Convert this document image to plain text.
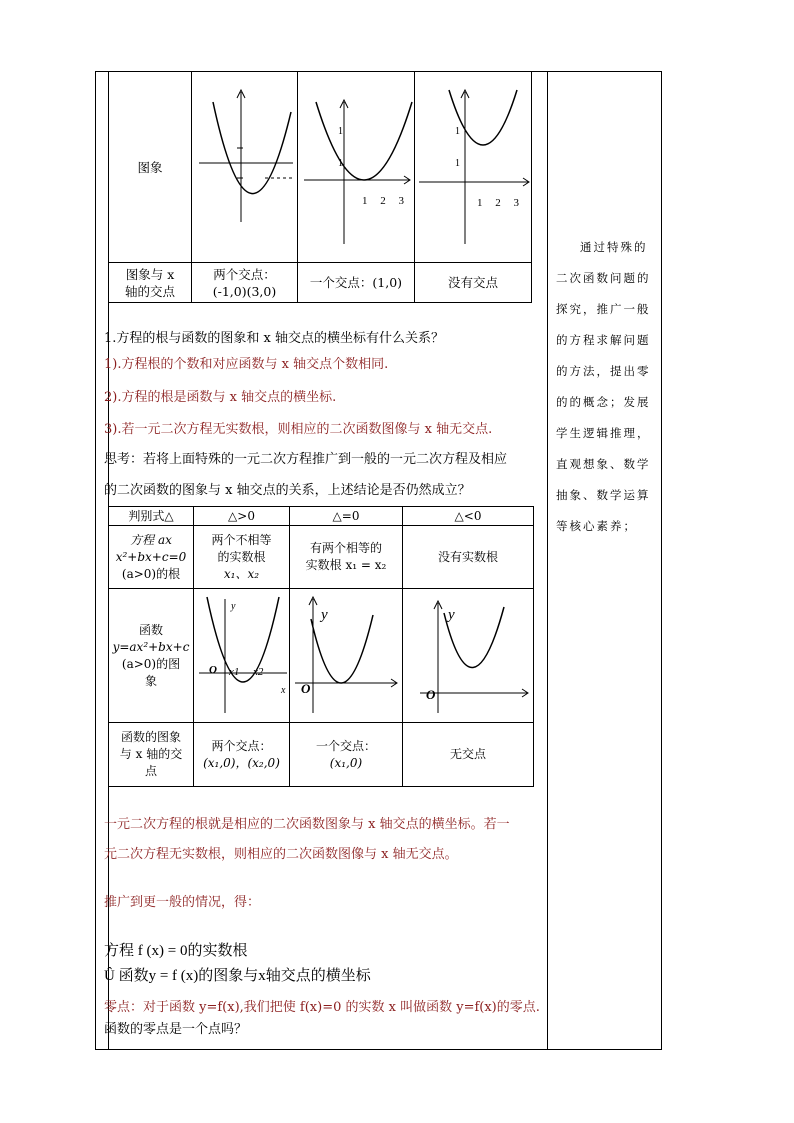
图象		1
1
1 2 3	1
1
1 2 3

图象与 x
轴的交点	两个交点：
(-1,0)(3,0)	一个交点：(1,0)	没有交点
1.方程的根与函数的图象和 x 轴交点的横坐标有什么关系？
1).方程根的个数和对应函数与 x 轴交点个数相同.
2).方程的根是函数与 x 轴交点的横坐标.
3).若一元二次方程无实数根，则相应的二次函数图像与 x 轴无交点.
思考：若将上面特殊的一元二次方程推广到一般的一元二次方程及相应
的二次函数的图象与 x 轴交点的关系，上述结论是否仍然成立？
判别式△	△>0	△=0	△<0
方程 ax
x²+bx+c=0
(a>0)的根	两个不相等
的实数根
x₁、x₂	有两个相等的
实数根 x₁ = x₂	没有实数根
函数
y=ax²+bx+c
(a>0)的图
象	y
O x1 x2
x	y
O	y
O

函数的图象
与 x 轴的交
点	两个交点：
(x₁,0)，(x₂,0)	一个交点：
(x₁,0)	无交点
一元二次方程的根就是相应的二次函数图象与 x 轴交点的横坐标。若一
元二次方程无实数根，则相应的二次函数图像与 x 轴无交点。
推广到更一般的情况，得：
方程 f (x) = 0的实数根
Û 函数y = f (x)的图象与x轴交点的横坐标
零点：对于函数 y=f(x),我们把使 f(x)=0 的实数 x 叫做函数 y=f(x)的零点.
函数的零点是一个点吗？

通过特殊的

二次函数问题的

探究，推广一般

的方程求解问题

的方法，提出零

的的概念；发展

学生逻辑推理，

直观想象、数学

抽象、数学运算

等核心素养；
